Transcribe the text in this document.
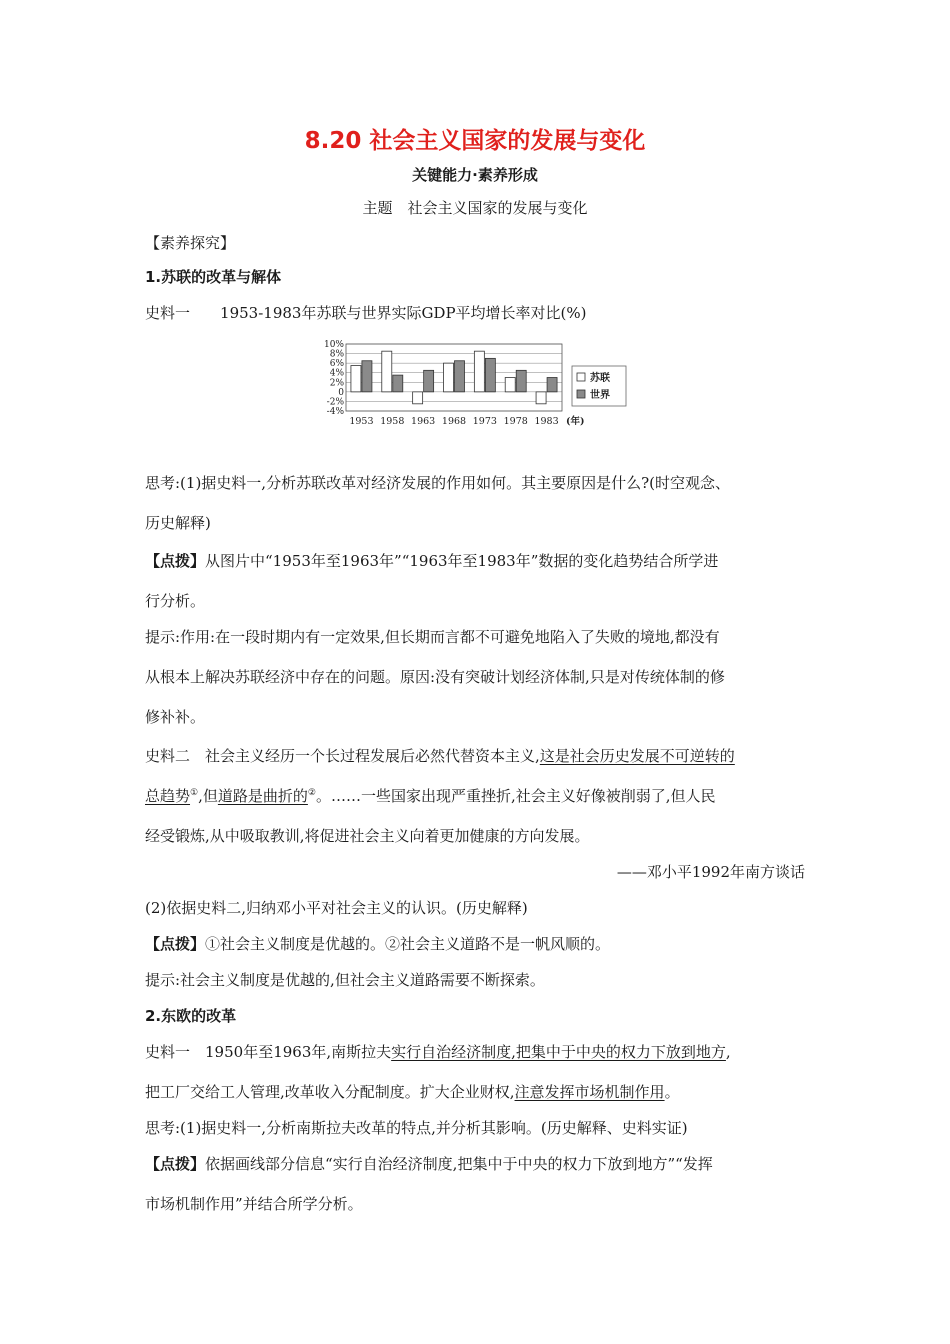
8.20 社会主义国家的发展与变化
关键能力·素养形成
主题　社会主义国家的发展与变化
【素养探究】
1.苏联的改革与解体
史料一　　 1953-1983年苏联与世界实际GDP平均增长率对比(%)
10%
8%
6%
4%
2%
0
-2%
-4%
1953 1958 1963 1968 1973 1978 1983 (年)
苏联
世界
思考:(1)据史料一,分析苏联改革对经济发展的作用如何。其主要原因是什么?(时空观念、
历史解释)
【点拨】从图片中“1953年至1963年”“1963年至1983年”数据的变化趋势结合所学进
行分析。
提示:作用:在一段时期内有一定效果,但长期而言都不可避免地陷入了失败的境地,都没有
从根本上解决苏联经济中存在的问题。原因:没有突破计划经济体制,只是对传统体制的修
修补补。
史料二　社会主义经历一个长过程发展后必然代替资本主义,这是社会历史发展不可逆转的
总趋势①,但道路是曲折的②。……一些国家出现严重挫折,社会主义好像被削弱了,但人民
经受锻炼,从中吸取教训,将促进社会主义向着更加健康的方向发展。
——邓小平1992年南方谈话
(2)依据史料二,归纳邓小平对社会主义的认识。(历史解释)
【点拨】①社会主义制度是优越的。②社会主义道路不是一帆风顺的。
提示:社会主义制度是优越的,但社会主义道路需要不断探索。
2.东欧的改革
史料一　1950年至1963年,南斯拉夫实行自治经济制度,把集中于中央的权力下放到地方,
把工厂交给工人管理,改革收入分配制度。扩大企业财权,注意发挥市场机制作用。
思考:(1)据史料一,分析南斯拉夫改革的特点,并分析其影响。(历史解释、史料实证)
【点拨】依据画线部分信息“实行自治经济制度,把集中于中央的权力下放到地方”“发挥
市场机制作用”并结合所学分析。
